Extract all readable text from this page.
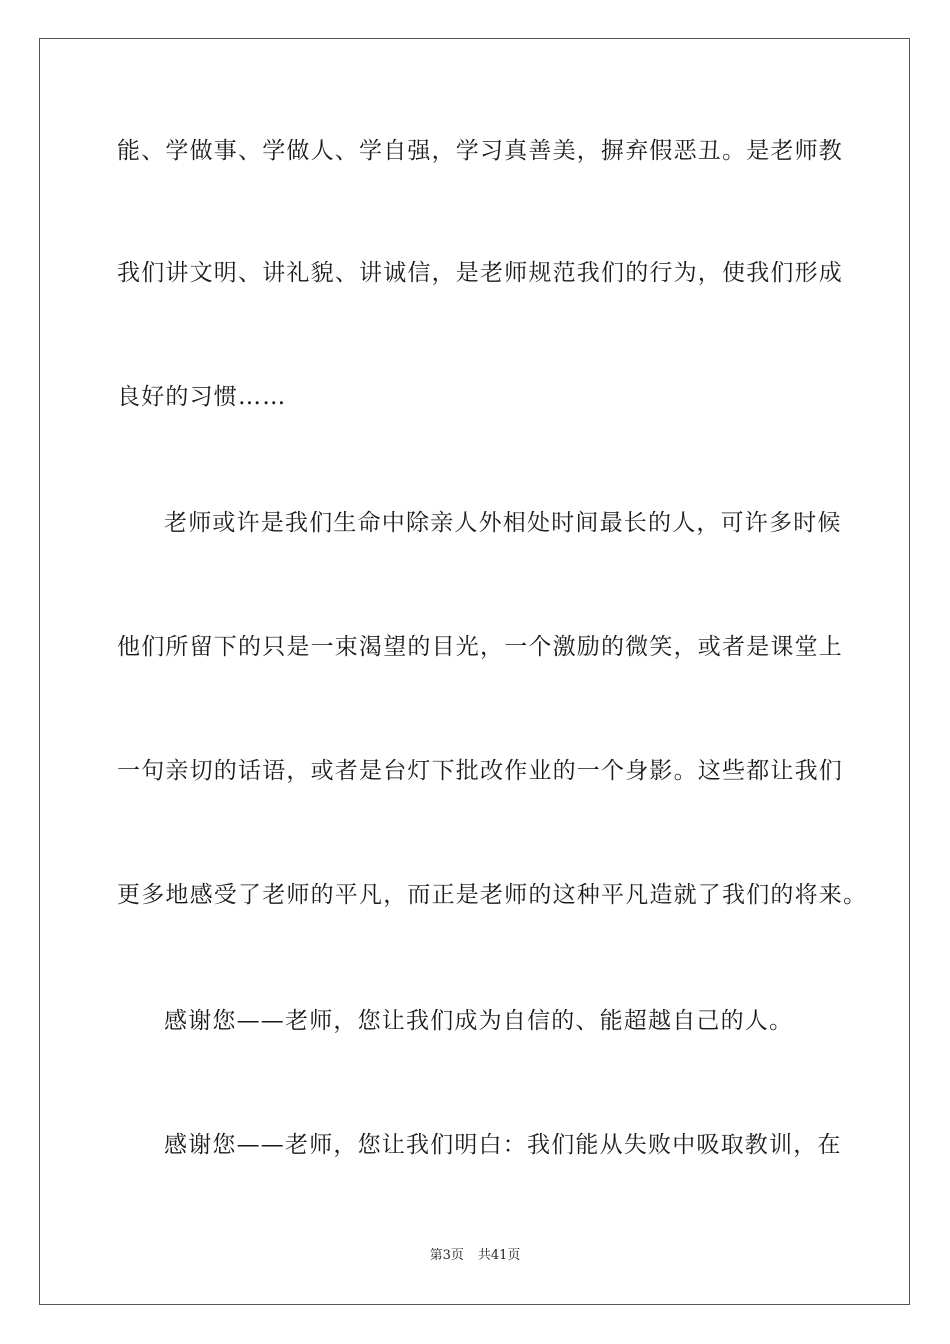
能、学做事、学做人、学自强，学习真善美，摒弃假恶丑。是老师教
我们讲文明、讲礼貌、讲诚信，是老师规范我们的行为，使我们形成
良好的习惯……
老师或许是我们生命中除亲人外相处时间最长的人，可许多时候
他们所留下的只是一束渴望的目光，一个激励的微笑，或者是课堂上
一句亲切的话语，或者是台灯下批改作业的一个身影。这些都让我们
更多地感受了老师的平凡，而正是老师的这种平凡造就了我们的将来。
感谢您——老师，您让我们成为自信的、能超越自己的人。
感谢您——老师，您让我们明白：我们能从失败中吸取教训，在
第3页 共41页
